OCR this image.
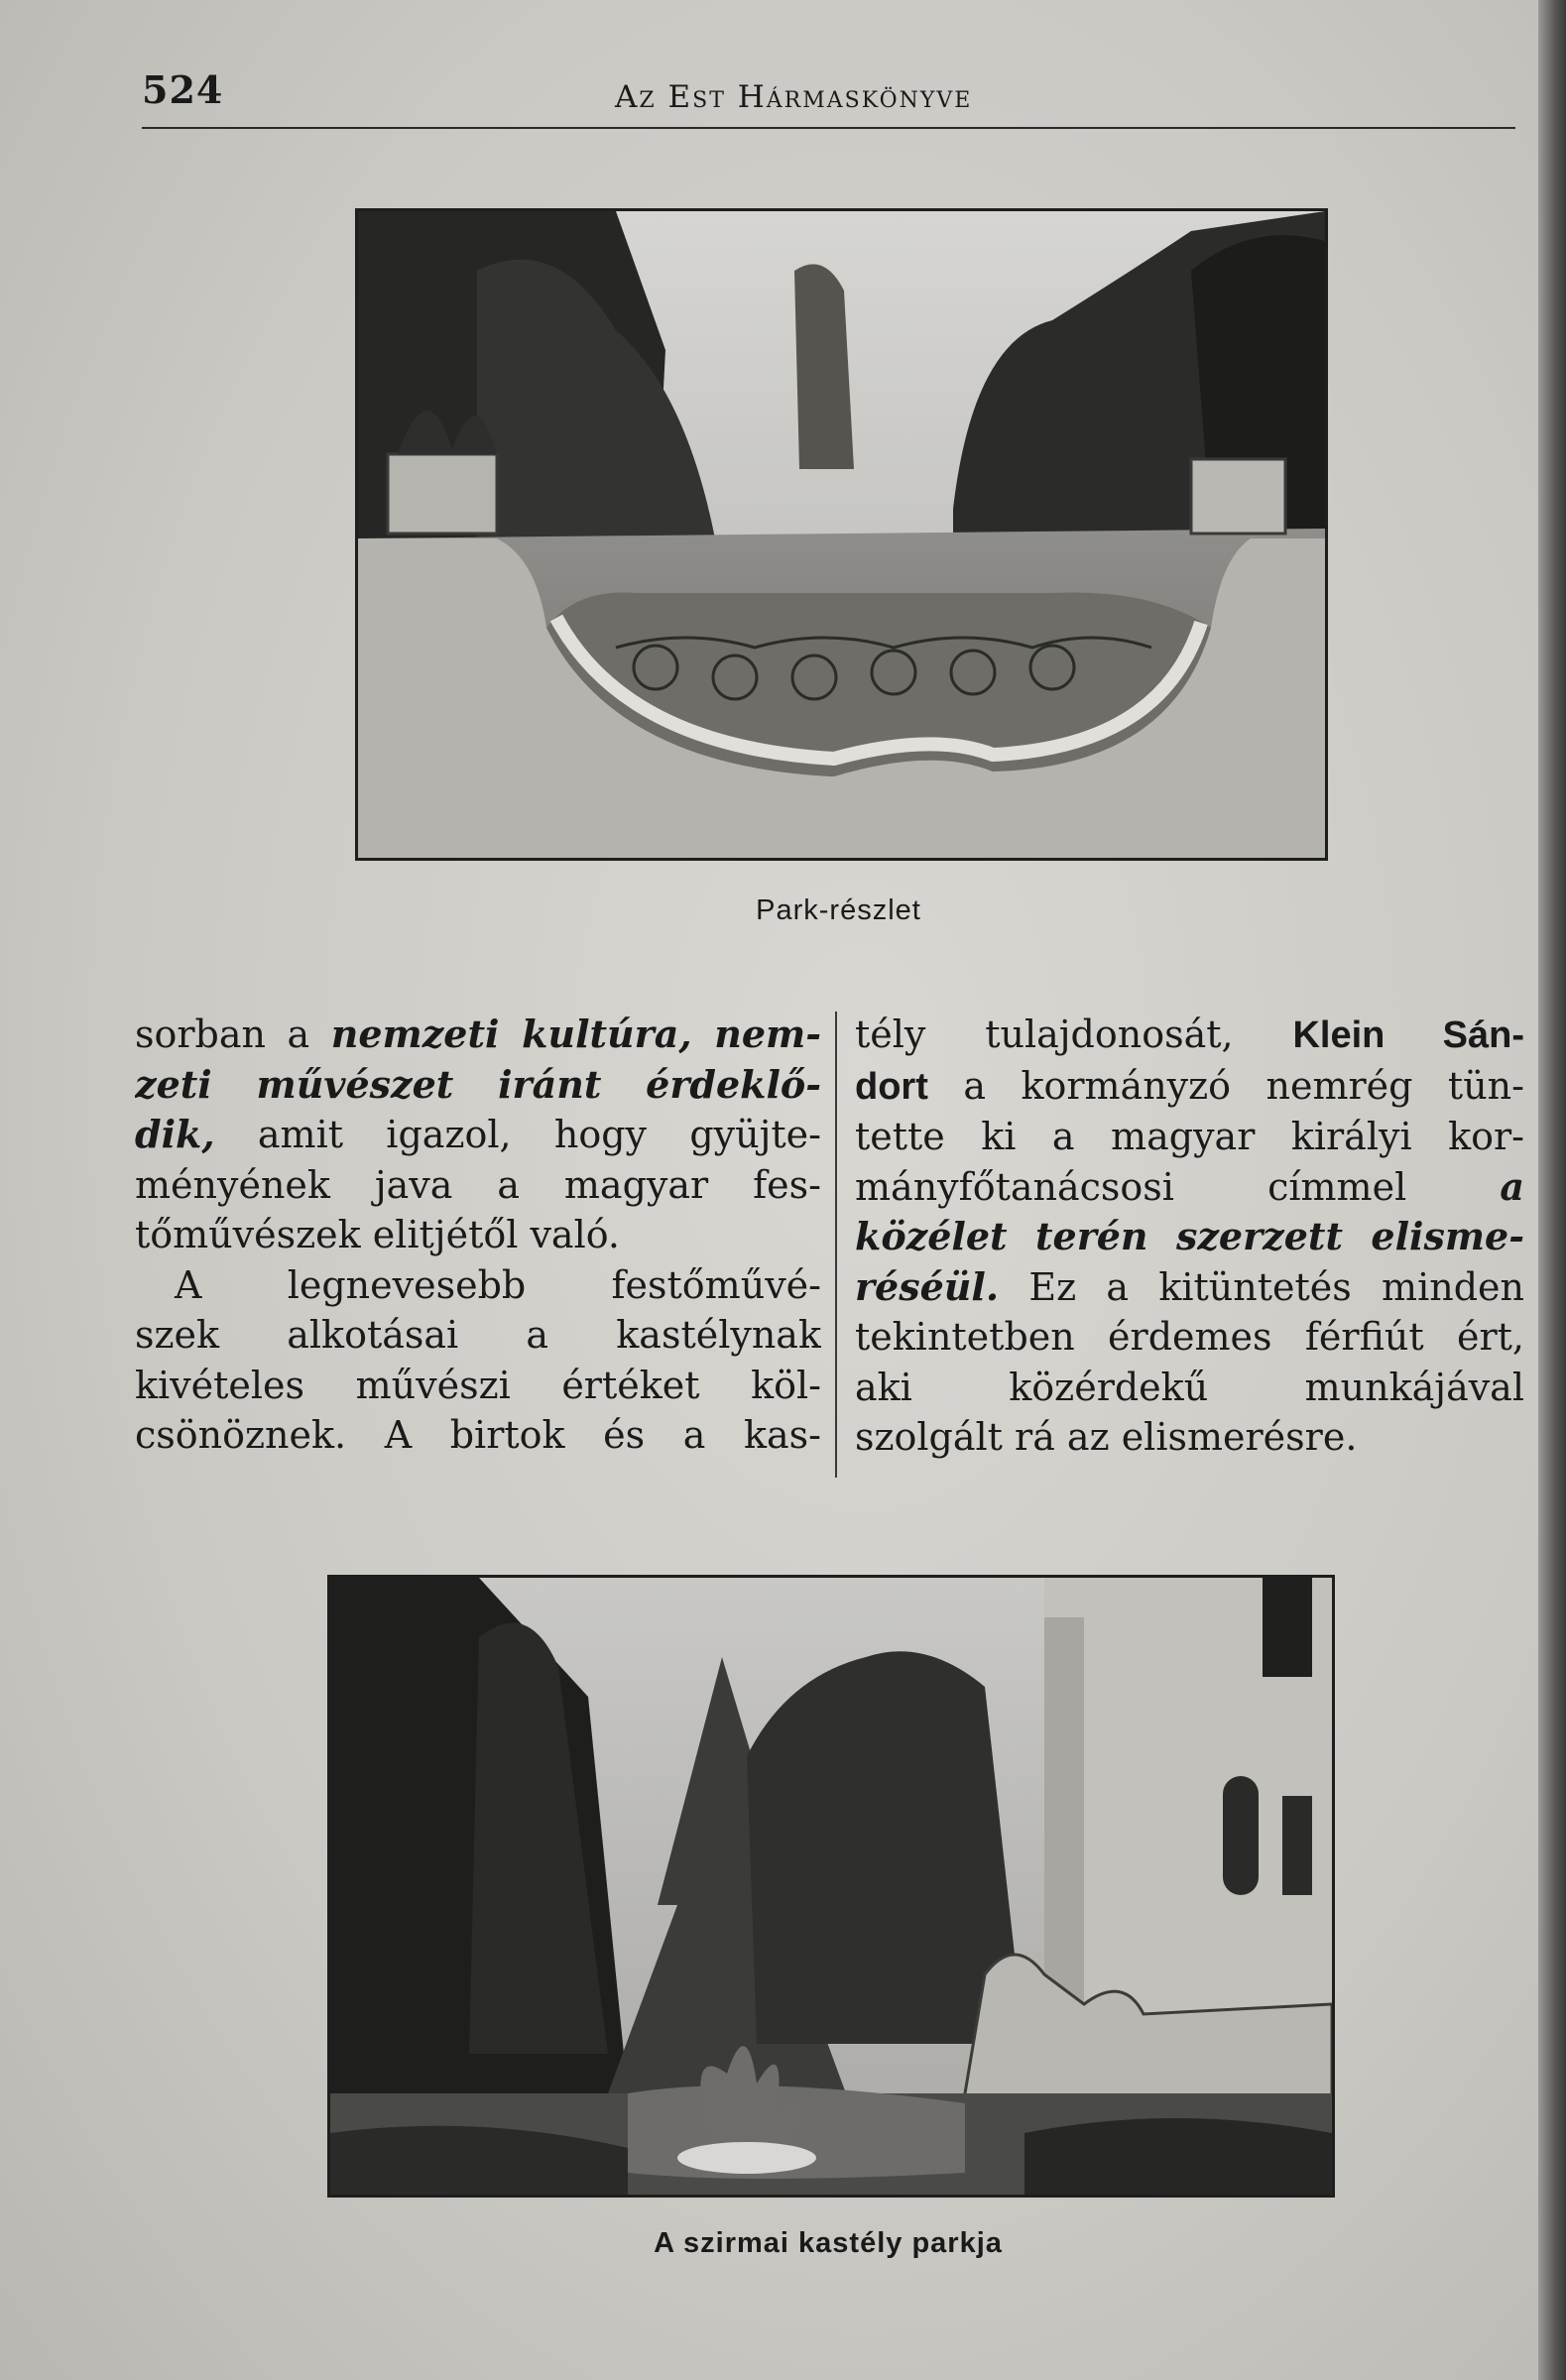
524	Az Est Hármaskönyve
Park-részlet
sorban a nemzeti kultúra, nem-
zeti művészet iránt érdeklő-
dik, amit igazol, hogy gyüjte-
ményének java a magyar fes-
tőművészek elitjétől való.
A legnevesebb festőművé-
szek alkotásai a kastélynak
kivételes művészi értéket köl-
csönöznek. A birtok és a kas-
tély tulajdonosát, Klein Sán-
dort a kormányzó nemrég tün-
tette ki a magyar királyi kor-
mányfőtanácsosi címmel a
közélet terén szerzett elisme-
réséül. Ez a kitüntetés minden
tekintetben érdemes férfiút ért,
aki közérdekű munkájával
szolgált rá az elismerésre.
A szirmai kastély parkja
